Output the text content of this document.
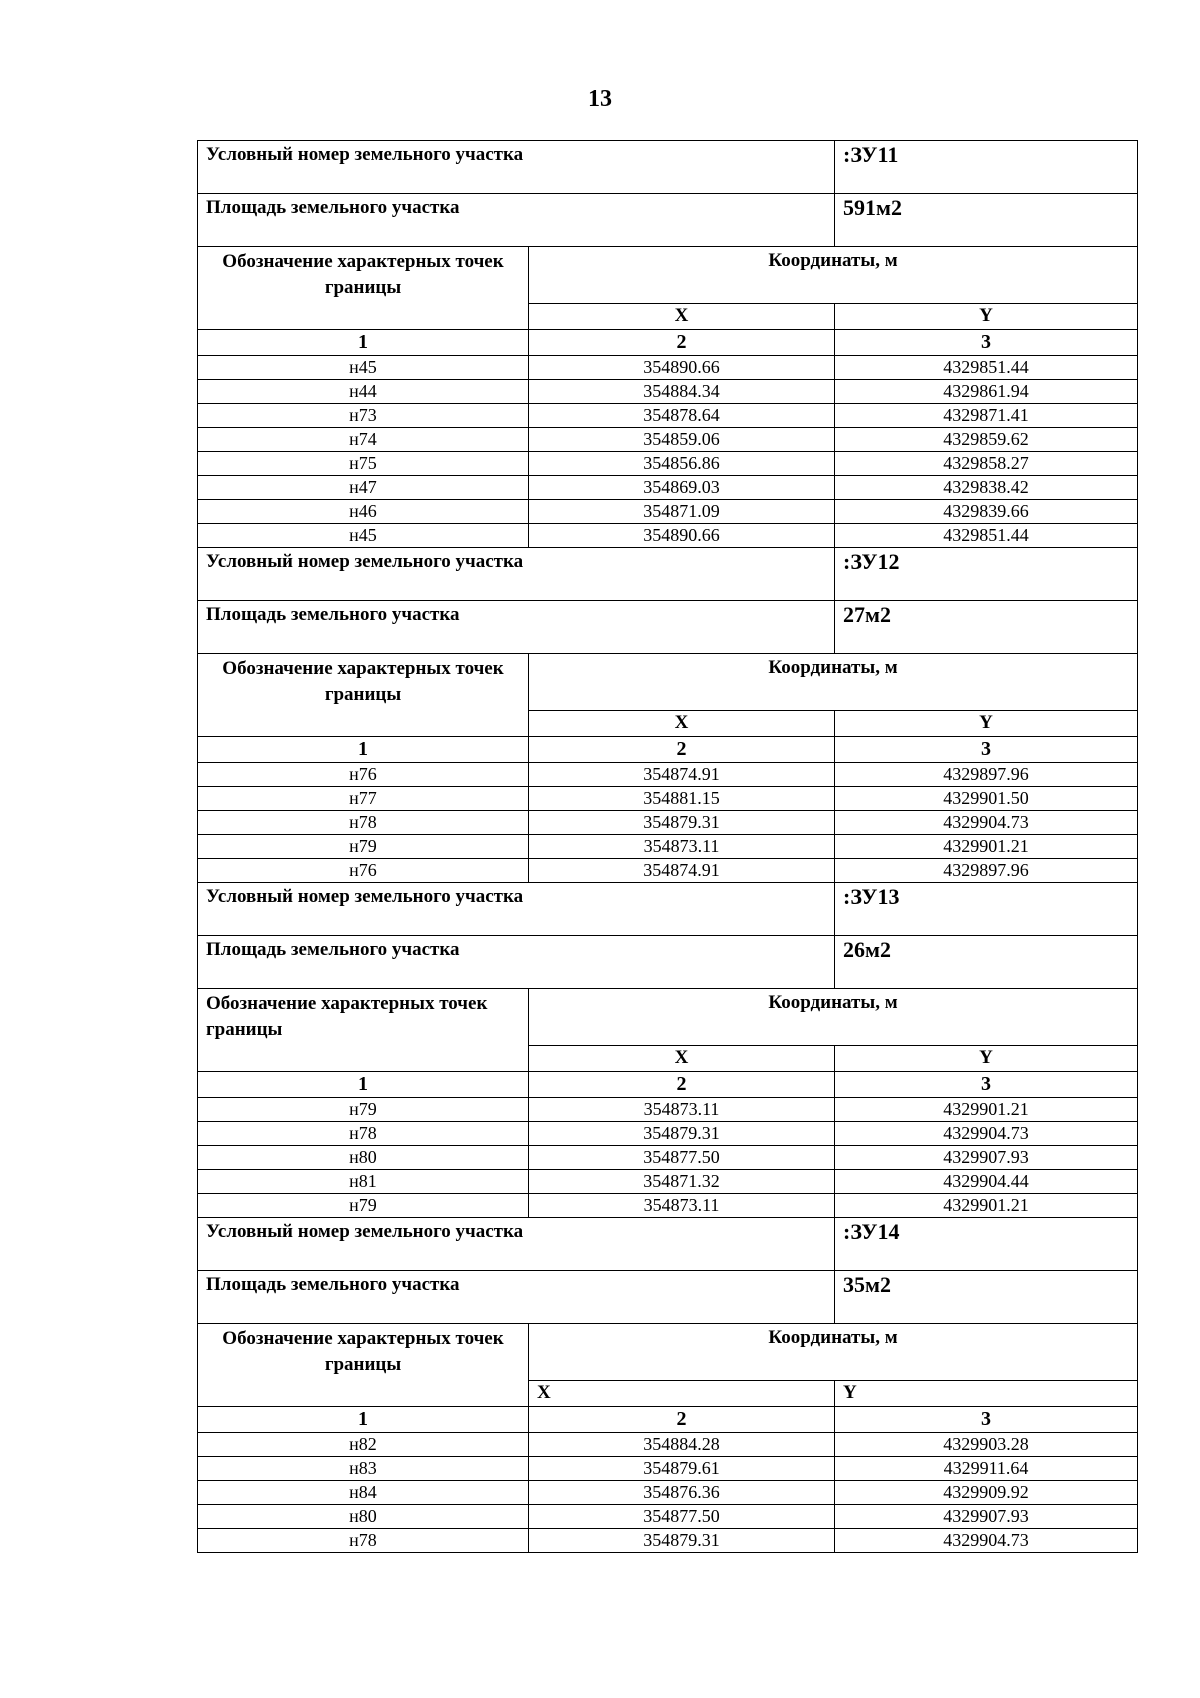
13
Условный номер земельного участка		:ЗУ11
Площадь земельного участка		591м2
Обозначение характерных точек границы	Координаты, м	
	X	Y
1	2	3
н45	354890.66	4329851.44
н44	354884.34	4329861.94
н73	354878.64	4329871.41
н74	354859.06	4329859.62
н75	354856.86	4329858.27
н47	354869.03	4329838.42
н46	354871.09	4329839.66
н45	354890.66	4329851.44
Условный номер земельного участка		:ЗУ12
Площадь земельного участка		27м2
Обозначение характерных точек границы	Координаты, м	
	X	Y
1	2	3
н76	354874.91	4329897.96
н77	354881.15	4329901.50
н78	354879.31	4329904.73
н79	354873.11	4329901.21
н76	354874.91	4329897.96
Условный номер земельного участка		:ЗУ13
Площадь земельного участка		26м2
Обозначение характерных точек границы	Координаты, м	
	X	Y
1	2	3
н79	354873.11	4329901.21
н78	354879.31	4329904.73
н80	354877.50	4329907.93
н81	354871.32	4329904.44
н79	354873.11	4329901.21
Условный номер земельного участка		:ЗУ14
Площадь земельного участка		35м2
Обозначение характерных точек границы	Координаты, м	
	X	Y
1	2	3
н82	354884.28	4329903.28
н83	354879.61	4329911.64
н84	354876.36	4329909.92
н80	354877.50	4329907.93
н78	354879.31	4329904.73
